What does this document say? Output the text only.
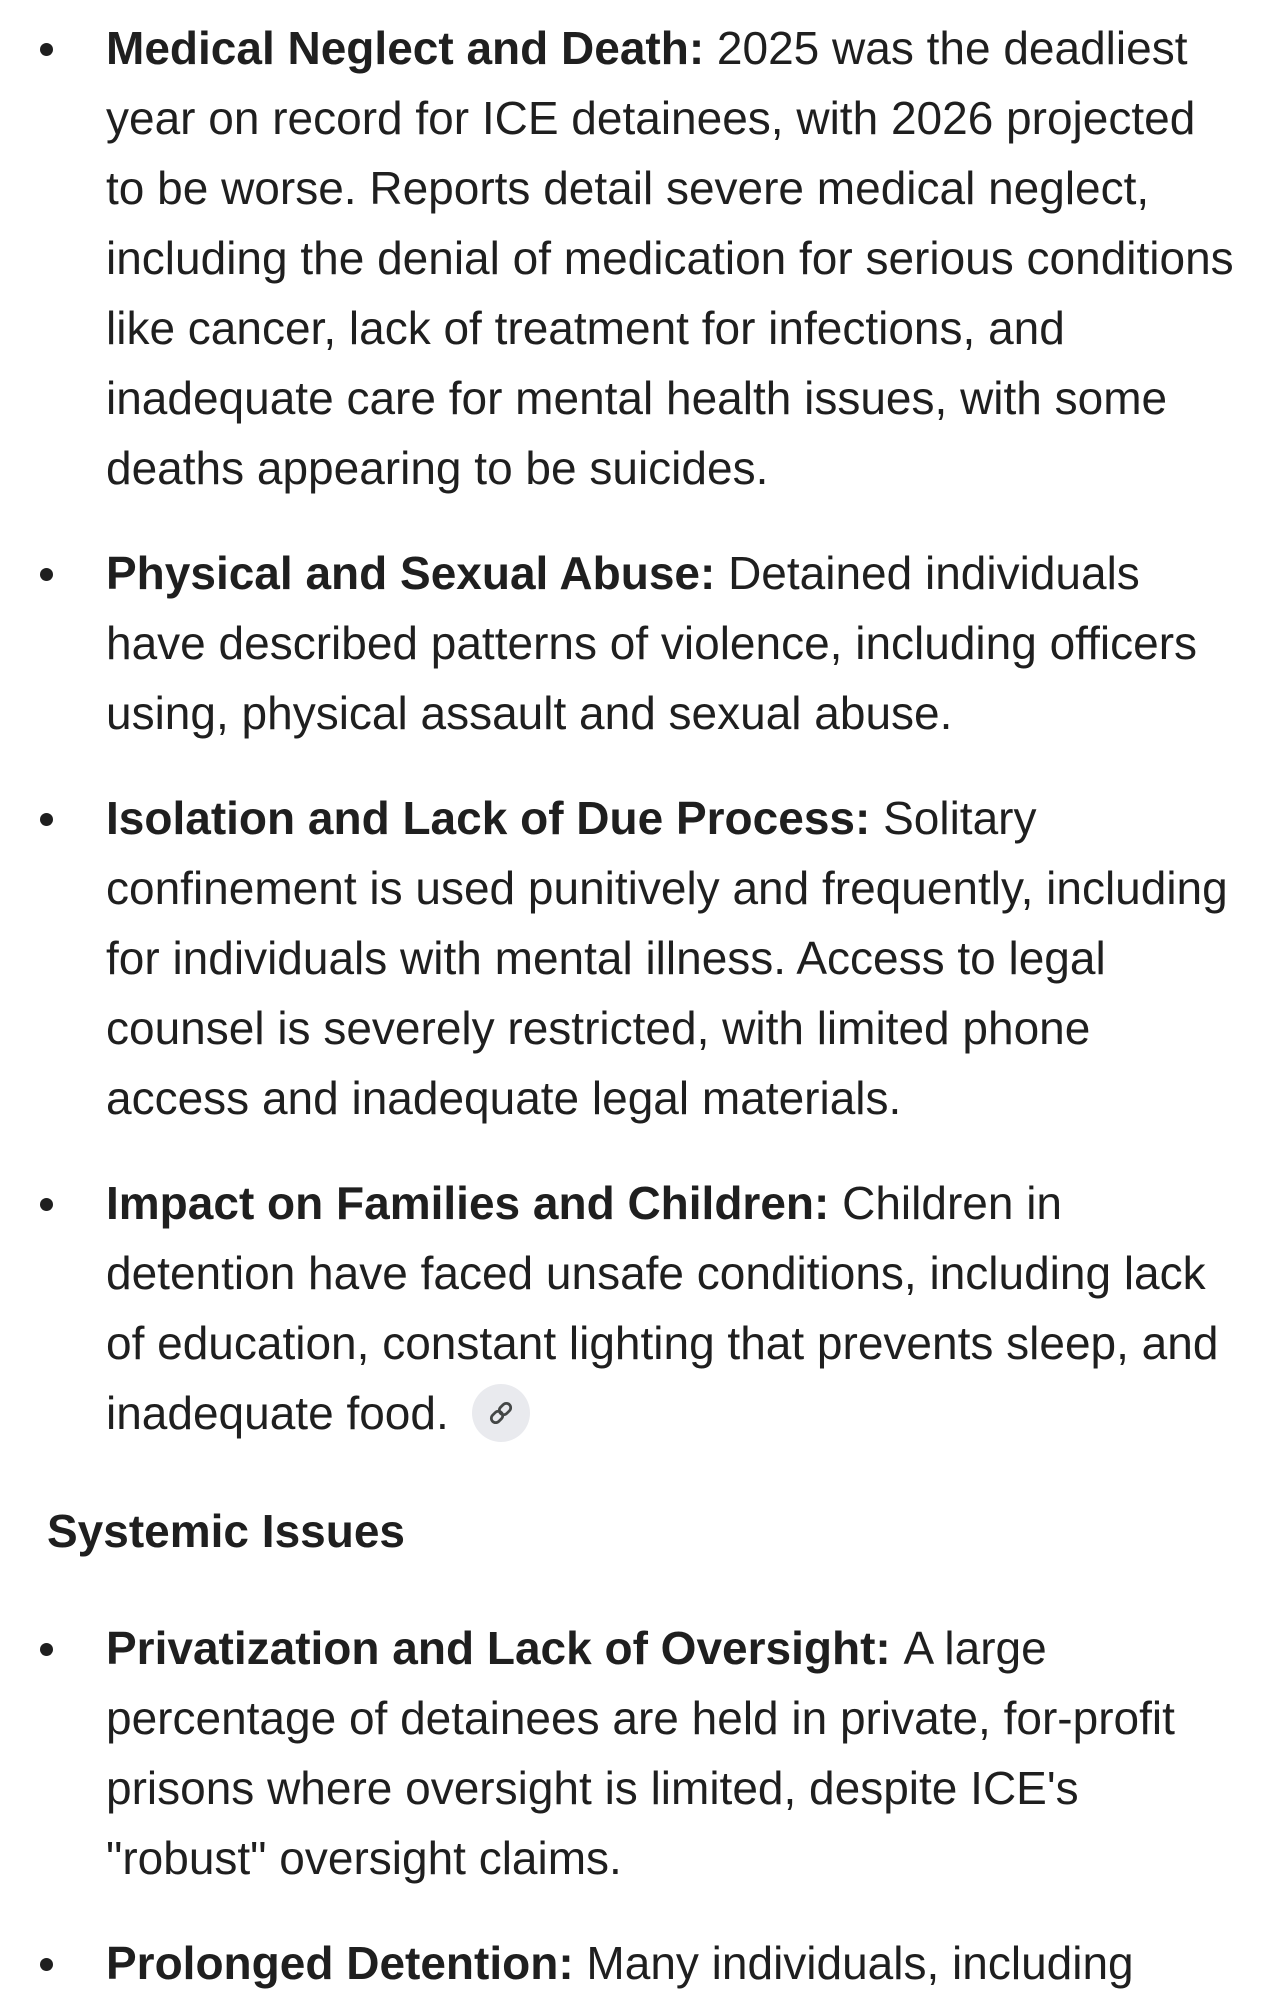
Medical Neglect and Death: 2025 was the deadliest year on record for ICE detainees, with 2026 projected to be worse. Reports detail severe medical neglect, including the denial of medication for serious conditions like cancer, lack of treatment for infections, and inadequate care for mental health issues, with some deaths appearing to be suicides.
Physical and Sexual Abuse: Detained individuals have described patterns of violence, including officers using, physical assault and sexual abuse.
Isolation and Lack of Due Process: Solitary confinement is used punitively and frequently, including for individuals with mental illness. Access to legal counsel is severely restricted, with limited phone access and inadequate legal materials.
Impact on Families and Children: Children in detention have faced unsafe conditions, including lack of education, constant lighting that prevents sleep, and inadequate food.
Systemic Issues
Privatization and Lack of Oversight: A large percentage of detainees are held in private, for-profit prisons where oversight is limited, despite ICE's "robust" oversight claims.
Prolonged Detention: Many individuals, including
